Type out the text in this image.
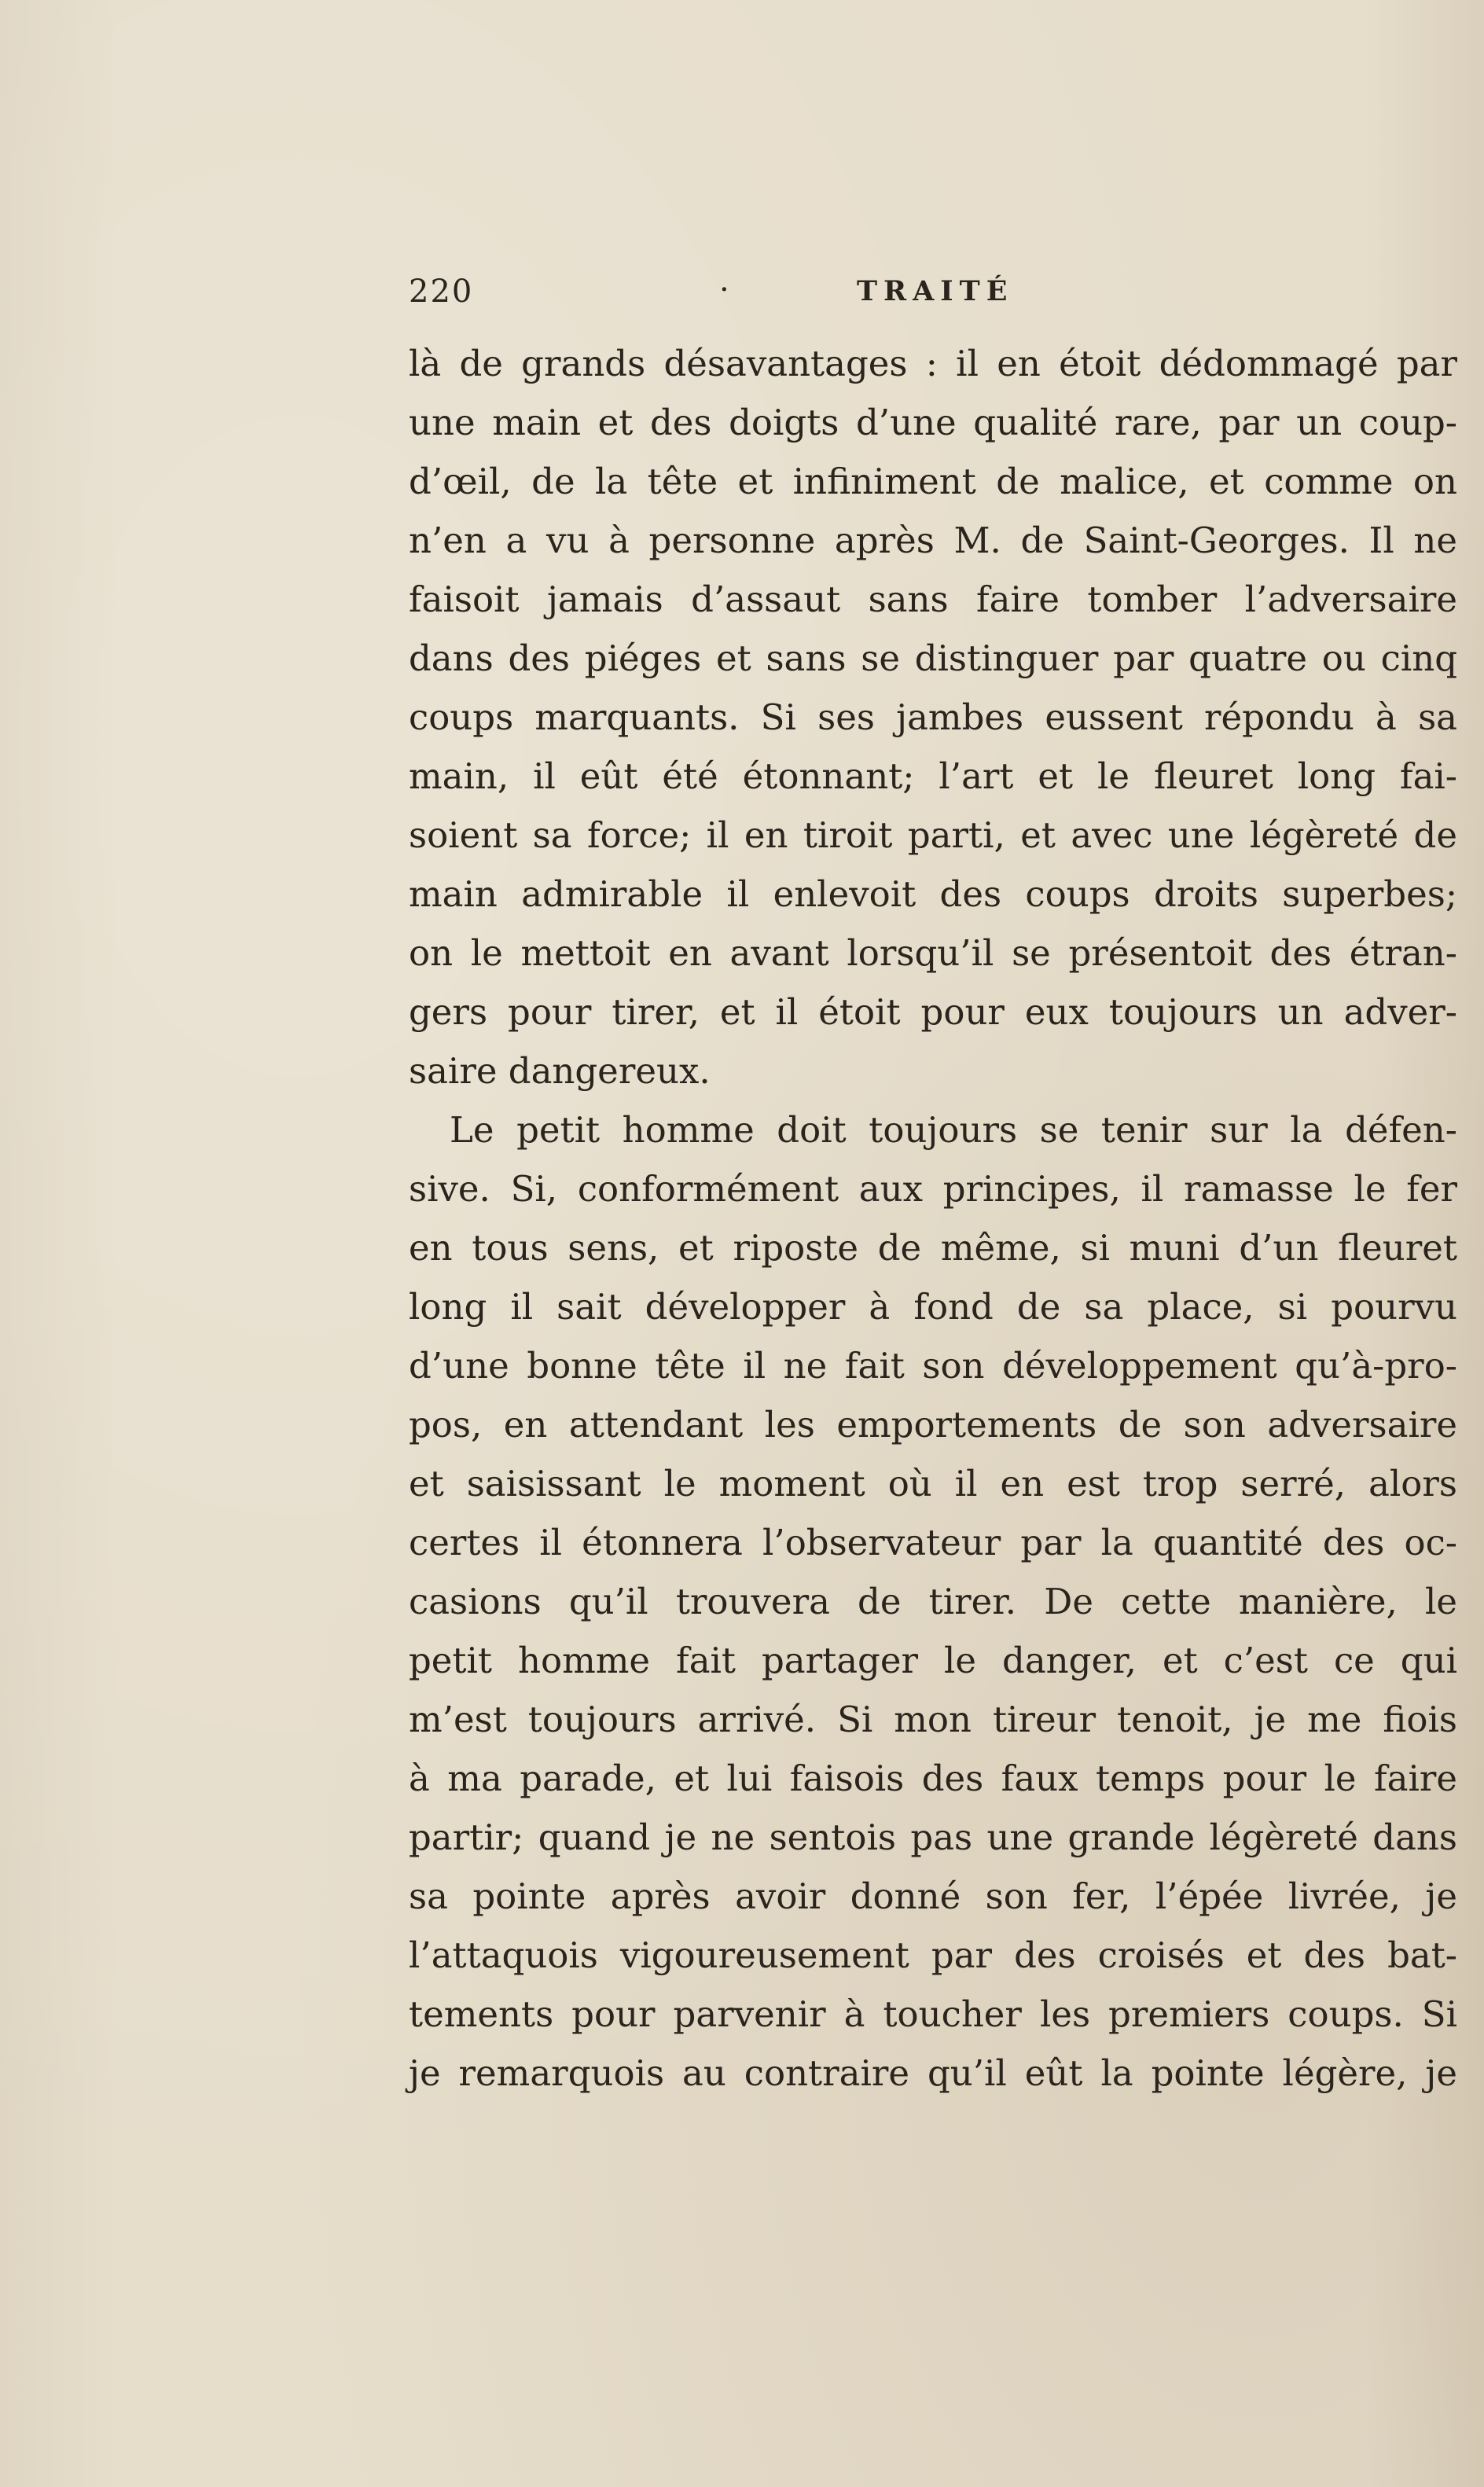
220	·	TRAITÉ
là de grands désavantages : il en étoit dédommagé par
une main et des doigts d’une qualité rare, par un coup-
d’œil, de la tête et infiniment de malice, et comme on
n’en a vu à personne après M. de Saint-Georges. Il ne
faisoit jamais d’assaut sans faire tomber l’adversaire
dans des piéges et sans se distinguer par quatre ou cinq
coups marquants. Si ses jambes eussent répondu à sa
main, il eût été étonnant; l’art et le fleuret long fai-
soient sa force; il en tiroit parti, et avec une légèreté de
main admirable il enlevoit des coups droits superbes;
on le mettoit en avant lorsqu’il se présentoit des étran-
gers pour tirer, et il étoit pour eux toujours un adver-
saire dangereux.
Le petit homme doit toujours se tenir sur la défen-
sive. Si, conformément aux principes, il ramasse le fer
en tous sens, et riposte de même, si muni d’un fleuret
long il sait développer à fond de sa place, si pourvu
d’une bonne tête il ne fait son développement qu’à-pro-
pos, en attendant les emportements de son adversaire
et saisissant le moment où il en est trop serré, alors
certes il étonnera l’observateur par la quantité des oc-
casions qu’il trouvera de tirer. De cette manière, le
petit homme fait partager le danger, et c’est ce qui
m’est toujours arrivé. Si mon tireur tenoit, je me fiois
à ma parade, et lui faisois des faux temps pour le faire
partir; quand je ne sentois pas une grande légèreté dans
sa pointe après avoir donné son fer, l’épée livrée, je
l’attaquois vigoureusement par des croisés et des bat-
tements pour parvenir à toucher les premiers coups. Si
je remarquois au contraire qu’il eût la pointe légère, je
